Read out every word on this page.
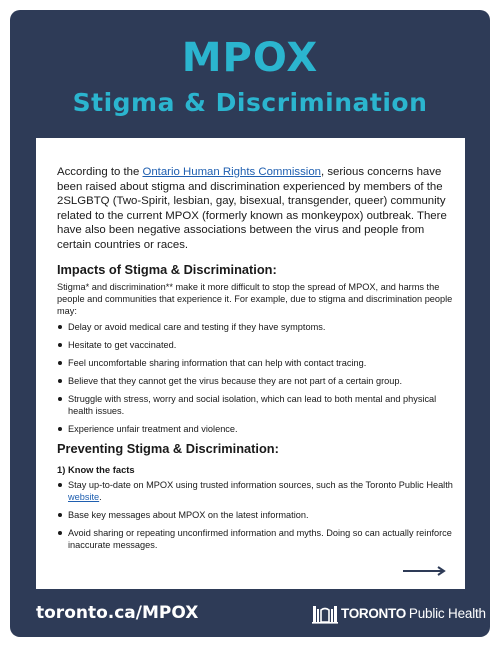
MPOX
Stigma & Discrimination

According to the Ontario Human Rights Commission, serious concerns have been raised about stigma and discrimination experienced by members of the 2SLGBTQ (Two-Spirit, lesbian, gay, bisexual, transgender, queer) community related to the current MPOX (formerly known as monkeypox) outbreak. There have also been negative associations between the virus and people from certain countries or races.

Impacts of Stigma & Discrimination:

Stigma* and discrimination** make it more difficult to stop the spread of MPOX, and harms the people and communities that experience it. For example, due to stigma and discrimination people may:

Delay or avoid medical care and testing if they have symptoms.
Hesitate to get vaccinated.
Feel uncomfortable sharing information that can help with contact tracing.
Believe that they cannot get the virus because they are not part of a certain group.
Struggle with stress, worry and social isolation, which can lead to both mental and physical health issues.
Experience unfair treatment and violence.
Preventing Stigma & Discrimination:
1) Know the facts
Stay up-to-date on MPOX using trusted information sources, such as the Toronto Public Health website.
Base key messages about MPOX on the latest information.
Avoid sharing or repeating unconfirmed information and myths. Doing so can actually reinforce inaccurate messages.
toronto.ca/MPOX	TORONTO Public Health
